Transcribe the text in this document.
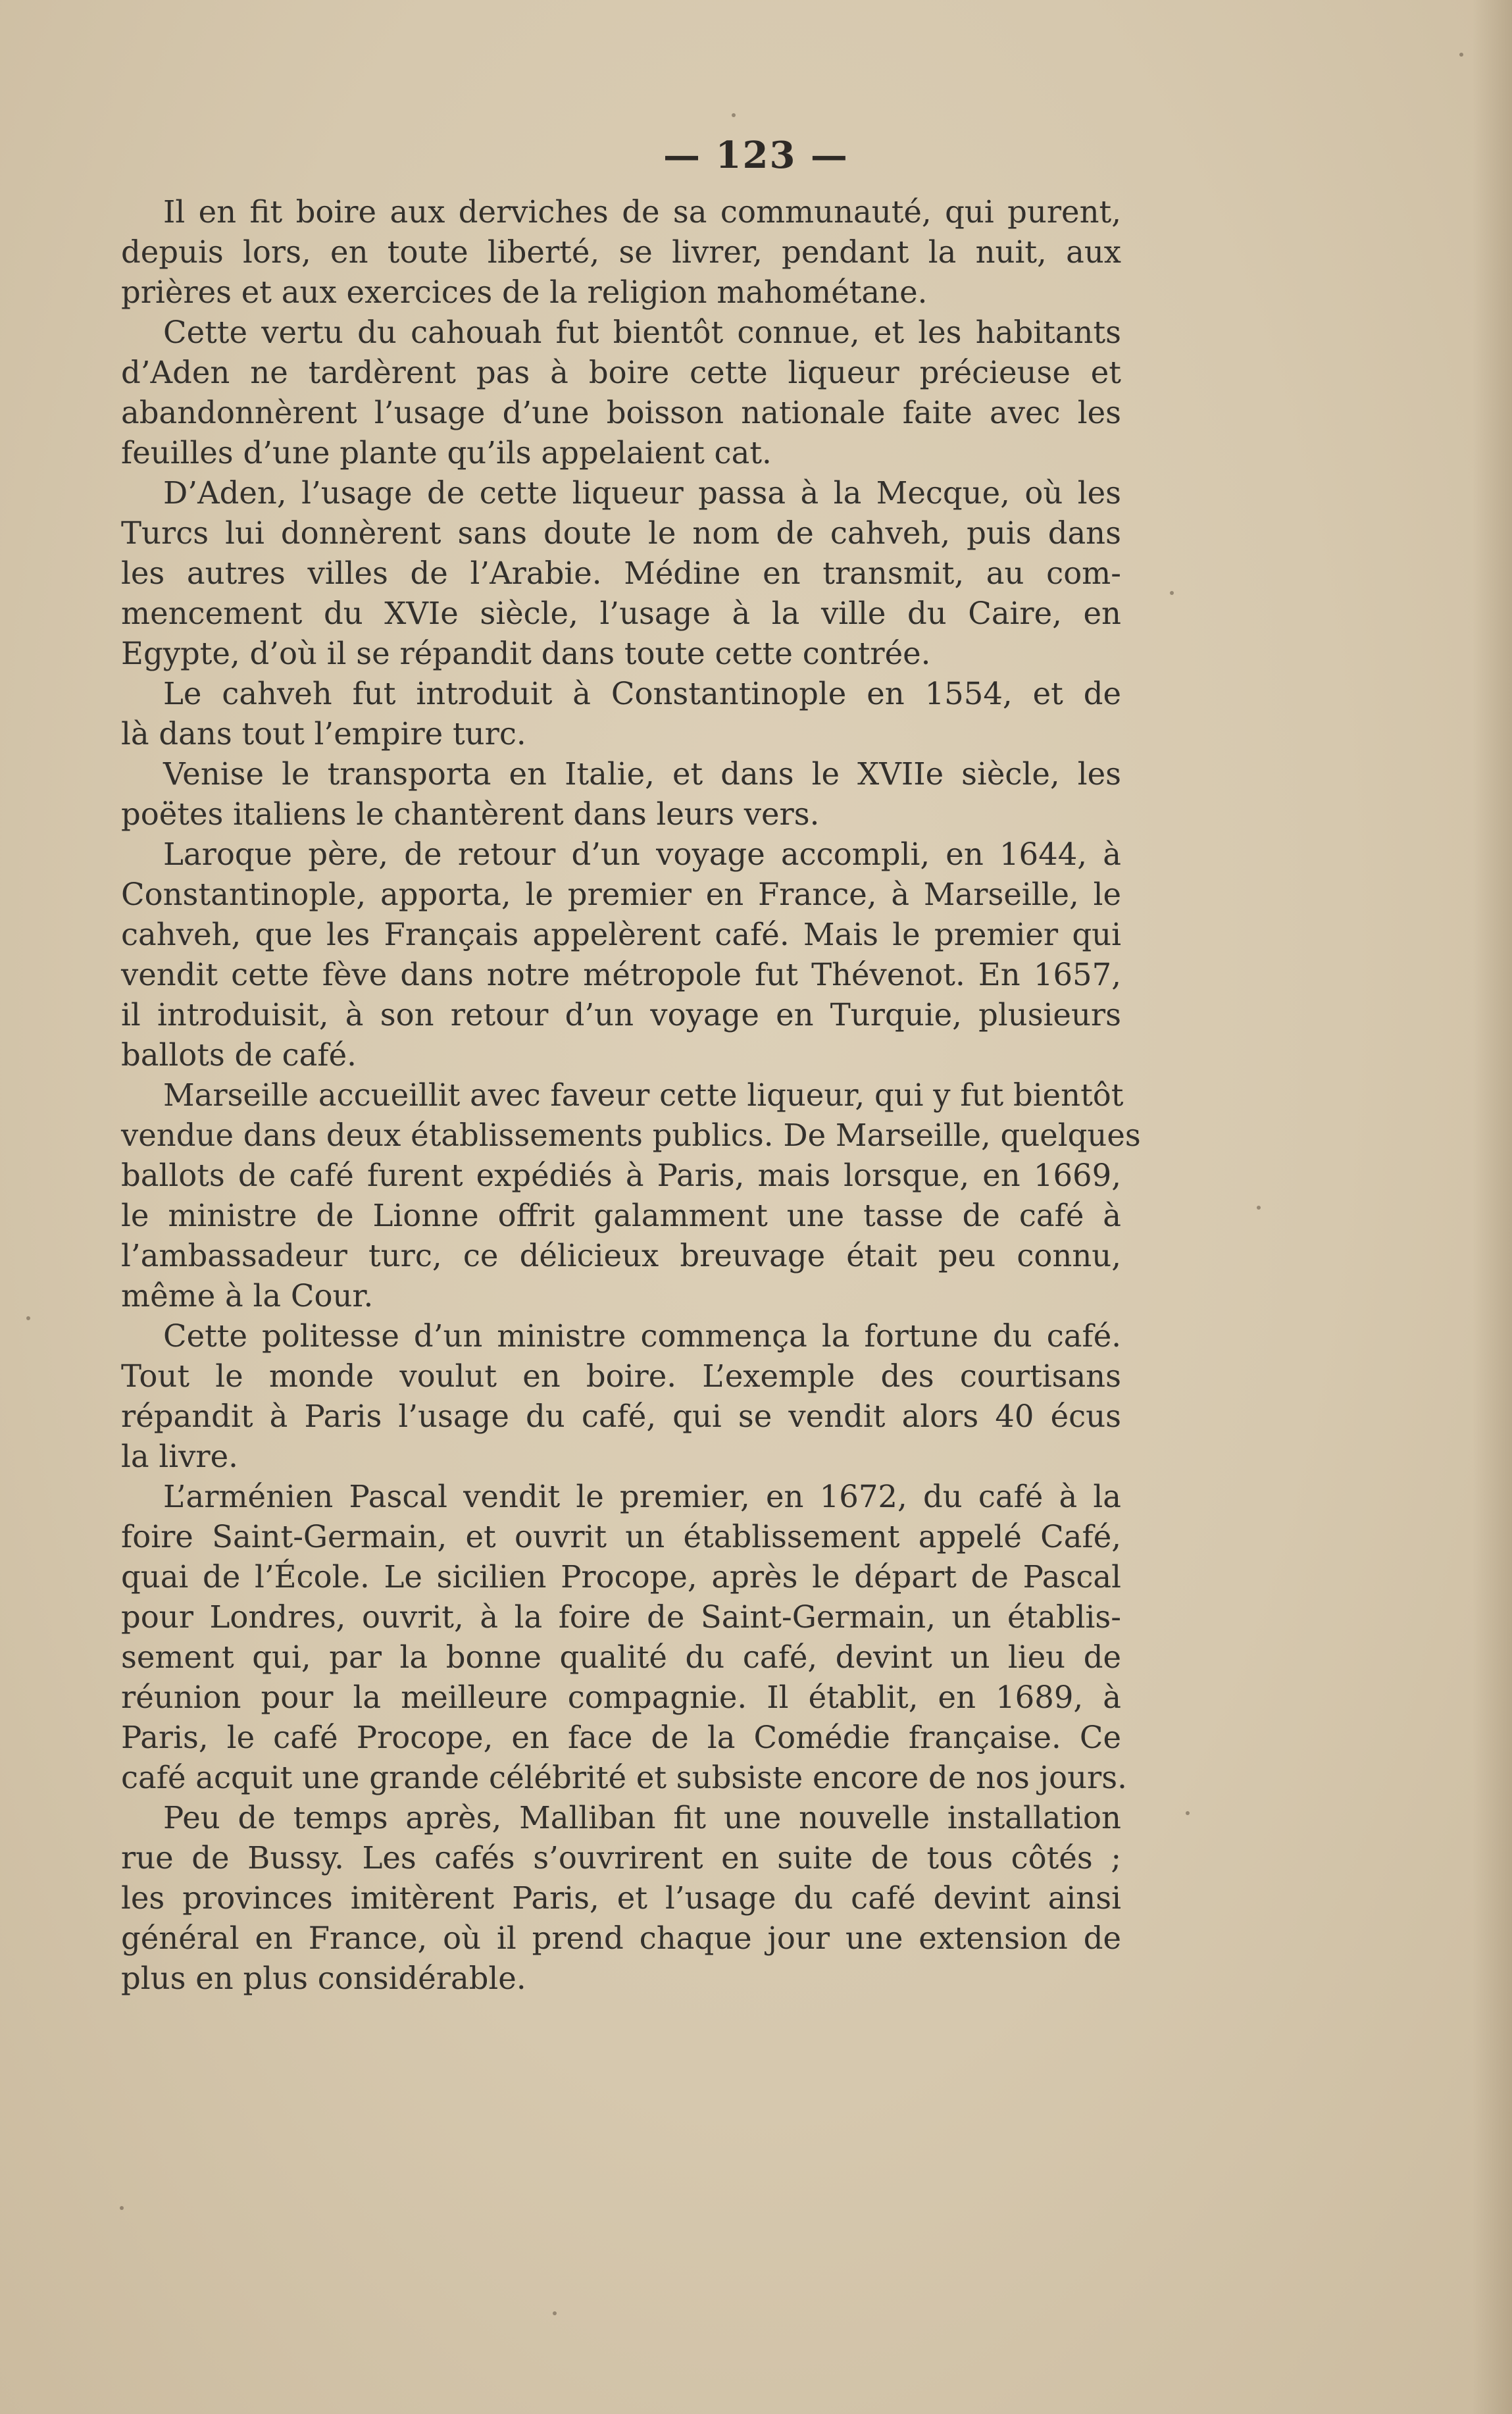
— 123 —
Il en fit boire aux derviches de sa communauté, qui purent,
depuis lors, en toute liberté, se livrer, pendant la nuit, aux
prières et aux exercices de la religion mahométane.
Cette vertu du cahouah fut bientôt connue, et les habitants
d’Aden ne tardèrent pas à boire cette liqueur précieuse et
abandonnèrent l’usage d’une boisson nationale faite avec les
feuilles d’une plante qu’ils appelaient cat.
D’Aden, l’usage de cette liqueur passa à la Mecque, où les
Turcs lui donnèrent sans doute le nom de cahveh, puis dans
les autres villes de l’Arabie. Médine en transmit, au com-
mencement du XVIe siècle, l’usage à la ville du Caire, en
Egypte, d’où il se répandit dans toute cette contrée.
Le cahveh fut introduit à Constantinople en 1554, et de
là dans tout l’empire turc.
Venise le transporta en Italie, et dans le XVIIe siècle, les
poëtes italiens le chantèrent dans leurs vers.
Laroque père, de retour d’un voyage accompli, en 1644, à
Constantinople, apporta, le premier en France, à Marseille, le
cahveh, que les Français appelèrent café. Mais le premier qui
vendit cette fève dans notre métropole fut Thévenot. En 1657,
il introduisit, à son retour d’un voyage en Turquie, plusieurs
ballots de café.
Marseille accueillit avec faveur cette liqueur, qui y fut bientôt
vendue dans deux établissements publics. De Marseille, quelques
ballots de café furent expédiés à Paris, mais lorsque, en 1669,
le ministre de Lionne offrit galamment une tasse de café à
l’ambassadeur turc, ce délicieux breuvage était peu connu,
même à la Cour.
Cette politesse d’un ministre commença la fortune du café.
Tout le monde voulut en boire. L’exemple des courtisans
répandit à Paris l’usage du café, qui se vendit alors 40 écus
la livre.
L’arménien Pascal vendit le premier, en 1672, du café à la
foire Saint-Germain, et ouvrit un établissement appelé Café,
quai de l’École. Le sicilien Procope, après le départ de Pascal
pour Londres, ouvrit, à la foire de Saint-Germain, un établis-
sement qui, par la bonne qualité du café, devint un lieu de
réunion pour la meilleure compagnie. Il établit, en 1689, à
Paris, le café Procope, en face de la Comédie française. Ce
café acquit une grande célébrité et subsiste encore de nos jours.
Peu de temps après, Malliban fit une nouvelle installation
rue de Bussy. Les cafés s’ouvrirent en suite de tous côtés ;
les provinces imitèrent Paris, et l’usage du café devint ainsi
général en France, où il prend chaque jour une extension de
plus en plus considérable.
